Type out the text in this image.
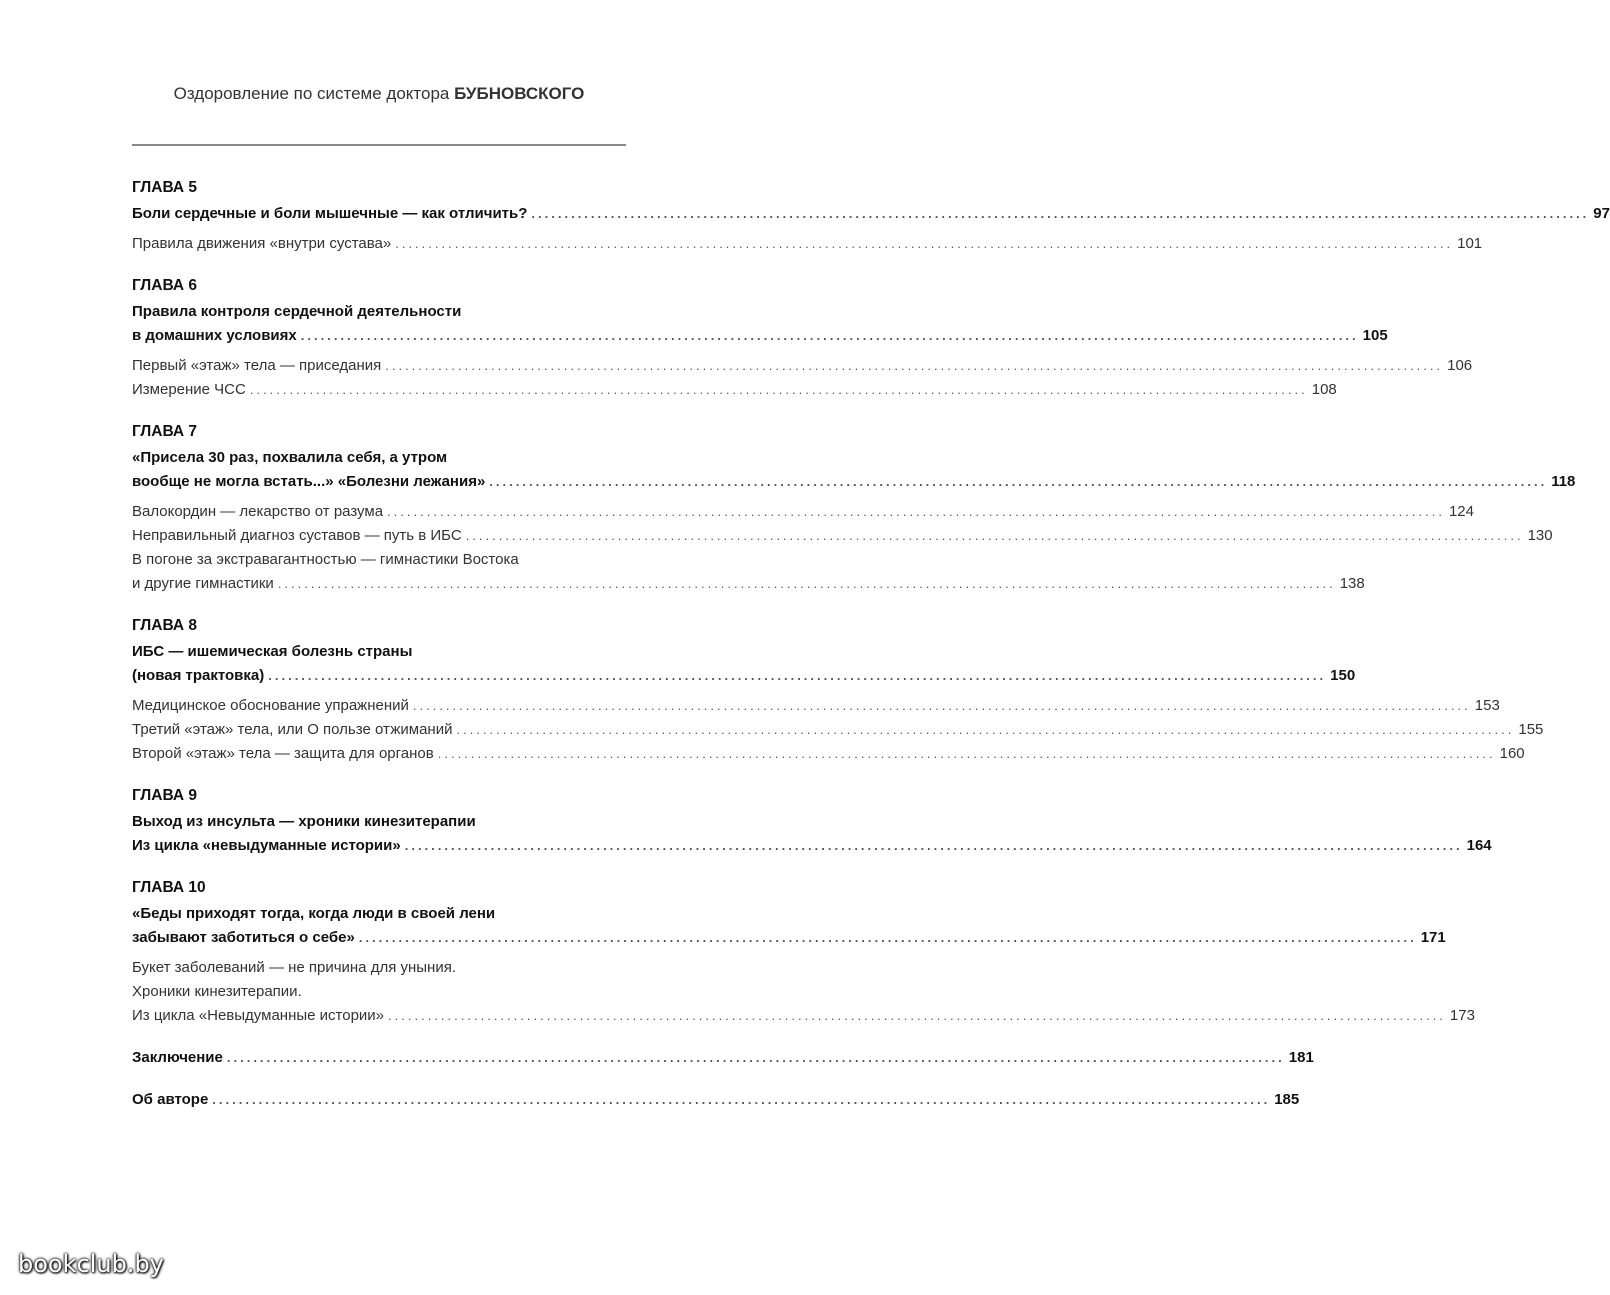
Оздоровление по системе доктора БУБНОВСКОГО
ГЛАВА 5
Боли сердечные и боли мышечные — как отличить? ................................................................................................................................................................ 97
Правила движения «внутри сустава» ................................................................................................................................................................ 101
ГЛАВА 6
Правила контроля сердечной деятельности
в домашних условиях ................................................................................................................................................................ 105
Первый «этаж» тела — приседания ................................................................................................................................................................ 106
Измерение ЧСС ................................................................................................................................................................ 108
ГЛАВА 7
«Присела 30 раз, похвалила себя, а утром
вообще не могла встать...» «Болезни лежания» ................................................................................................................................................................ 118
Валокордин — лекарство от разума ................................................................................................................................................................ 124
Неправильный диагноз суставов — путь в ИБС ................................................................................................................................................................ 130
В погоне за экстравагантностью — гимнастики Востока
и другие гимнастики ................................................................................................................................................................ 138
ГЛАВА 8
ИБС — ишемическая болезнь страны
(новая трактовка) ................................................................................................................................................................ 150
Медицинское обоснование упражнений ................................................................................................................................................................ 153
Третий «этаж» тела, или О пользе отжиманий ................................................................................................................................................................ 155
Второй «этаж» тела — защита для органов ................................................................................................................................................................ 160
ГЛАВА 9
Выход из инсульта — хроники кинезитерапии
Из цикла «невыдуманные истории» ................................................................................................................................................................ 164
ГЛАВА 10
«Беды приходят тогда, когда люди в своей лени
забывают заботиться о себе» ................................................................................................................................................................ 171
Букет заболеваний — не причина для уныния.
Хроники кинезитерапии.
Из цикла «Невыдуманные истории» ................................................................................................................................................................ 173
Заключение ................................................................................................................................................................ 181
Об авторе ................................................................................................................................................................ 185
bookclub.by
